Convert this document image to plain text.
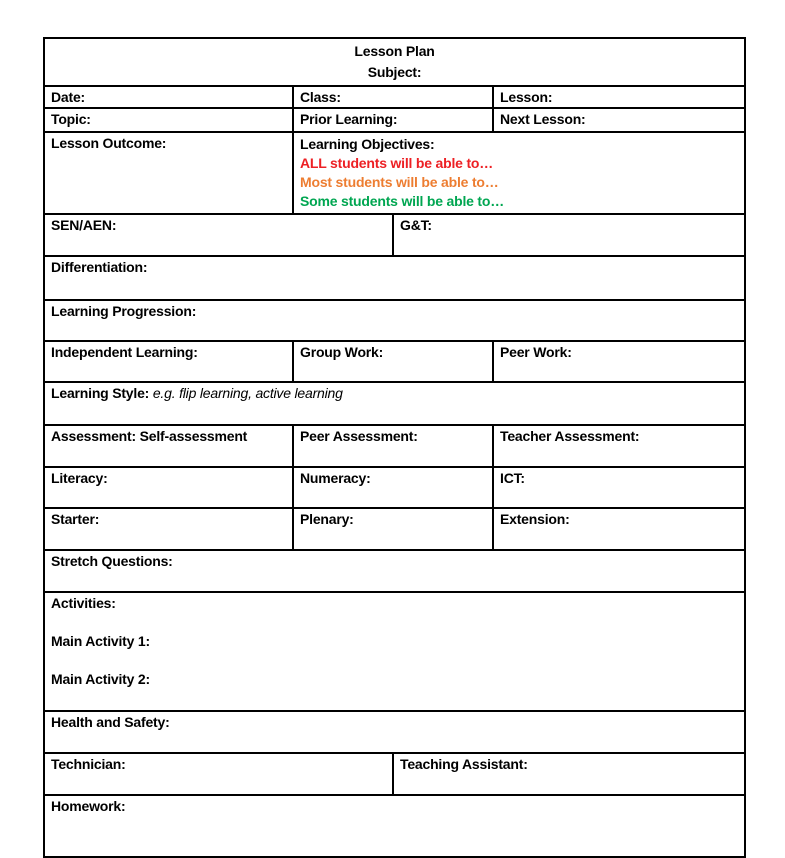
Lesson Plan
Subject:			

Date:	Class:		Lesson:
Topic:	Prior Learning:		Next Lesson:
Lesson Outcome:	Learning Objectives:
ALL students will be able to…
Most students will be able to…
Some students will be able to…		

SEN/AEN:		G&T:	
Differentiation:			
Learning Progression:			
Independent Learning:	Group Work:		Peer Work:
Learning Style: e.g. flip learning, active learning			
Assessment: Self-assessment	Peer Assessment:		Teacher Assessment:
Literacy:	Numeracy:		ICT:
Starter:	Plenary:		Extension:
Stretch Questions:			

Activities:

Main Activity 1:

Main Activity 2:			

Health and Safety:			
Technician:		Teaching Assistant:	
Homework:			
